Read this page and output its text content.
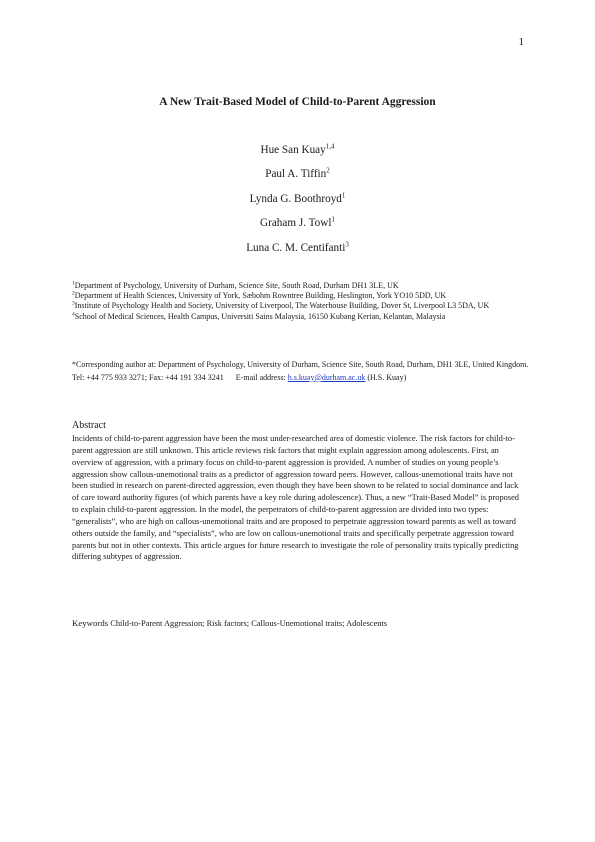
1
A New Trait-Based Model of Child-to-Parent Aggression
Hue San Kuay$^{1,4}$
Paul A. Tiffin$^2$
Lynda G. Boothroyd$^1$
Graham J. Towl$^1$
Luna C. M. Centifanti$^3$
$^1$Department of Psychology, University of Durham, Science Site, South Road, Durham DH1 3LE, UK
$^2$Department of Health Sciences, University of York, Sæbohm Rowntree Building, Heslington, York YO10 5DD, UK
$^3$Institute of Psychology Health and Society, University of Liverpool, The Waterhouse Building, Dover St, Liverpool L3 5DA, UK
$^4$School of Medical Sciences, Health Campus, Universiti Sains Malaysia, 16150 Kubang Kerian, Kelantan, Malaysia
*Corresponding author at: Department of Psychology, University of Durham, Science Site, South Road, Durham, DH1 3LE, United Kingdom. Tel: +44 775 933 3271; Fax: +44 191 334 3241      E-mail address: h.s.kuay@durham.ac.uk (H.S. Kuay)
Abstract
Incidents of child-to-parent aggression have been the most under-researched area of domestic violence. The risk factors for child-to-parent aggression are still unknown. This article reviews risk factors that might explain aggression among adolescents. First, an overview of aggression, with a primary focus on child-to-parent aggression is provided. A number of studies on young people’s aggression show callous-unemotional traits as a predictor of aggression toward peers. However, callous-unemotional traits have not been studied in research on parent-directed aggression, even though they have been shown to be related to social dominance and lack of care toward authority figures (of which parents have a key role during adolescence). Thus, a new “Trait-Based Model” is proposed to explain child-to-parent aggression. In the model, the perpetrators of child-to-parent aggression are divided into two types: “generalists”, who are high on callous-unemotional traits and are proposed to perpetrate aggression toward parents as well as toward others outside the family, and “specialists”, who are low on callous-unemotional traits and specifically perpetrate aggression toward parents but not in other contexts. This article argues for future research to investigate the role of personality traits typically predicting differing subtypes of aggression.
Keywords Child-to-Parent Aggression; Risk factors; Callous-Unemotional traits; Adolescents
